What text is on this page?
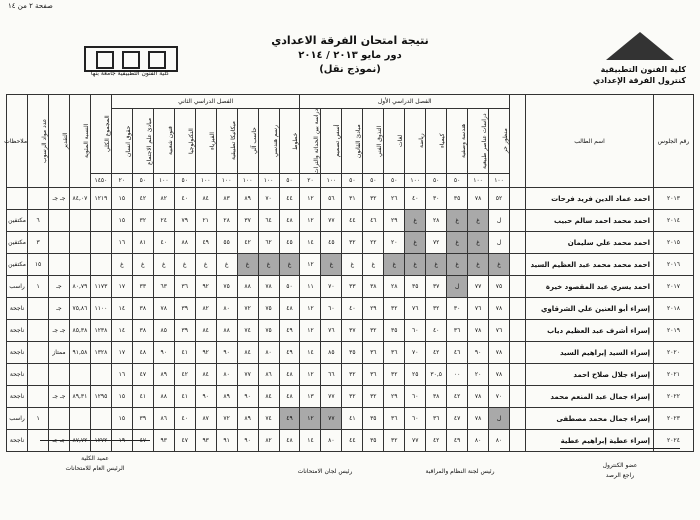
صفحة ٢ من ١٤
كلية الفنون التطبيقية جامعة بنها
نتيجة امتحان الفرقة الاعدادي
دور مايو ٢٠١٣ / ٢٠١٤
(نموذج نقل)	كلية الفنون التطبيقية
كنترول الفرقة الإعدادي
رقم الجلوس	اسم الطالب		الفصل الدراسي الأول										الفصل الدراسي الثاني									المجموع الكلي	النسبة المئوية	التقدير	عدد مواد الرسوب	ملاحظات

			منظور حر	دراسات عناصر طبيعية	هندسة وصفية	كيمياء	رياضة	لغات	التذوق الفني	مبادئ القانون	أسس تصميم	دراسة بين الحداثة والتراث	خطوط	رسم هندسي	حاسب آلي	ميكانيكا تطبيقية	الفيزياء	التكنولوجيا	فنون شعبية	مبادئ علم الاجتماع	حقوق انسان					

			١٠٠	١٠٠	٥٠	٥٠	١٠٠	٥٠	٥٠	٥٠	١٠٠	٢٠	٥٠	١٠٠	١٠٠	١٠٠	١٠٠	٥٠	١٠٠	٥٠	٢٠	١٤٥٠				
٢٠١٣	احمد عماد الدين فريد فرحات		٥٢	٧٨	٣٥	٣٠	٤٠	٢٦	٣٢	٣١	٥٦	١٢	٤٤	٧٠	٨٩	٨٣	٨٤	٤٠	٨٢	٤٢	١٥	١٢١٩	٨٤,٠٧	جـ جـ		
٢٠١٤	احمد محمد احمد سالم حبيب		ل	غ	غ	٢٨	غ	٢٩	٤٦	٤٤	٧٧	١٢	٤٨	٦٤	٣٧	٢٨	٢١	٧٩	٢٤	٣٢	١٥				٦	مكتفين
٢٠١٥	احمد محمد علي سليمان		ل	غ	غ	٧٢	غ	٢٠	٢٢	٣٢	٤٥	١٤	٤٥	٦٢	٤٢	٥٥	٤٩	٨٨	٤٠	٨١	١٦				٣	مكتفين
٢٠١٦	احمد محمد محمد عبد العظيم السيد		غ	غ	غ	غ	غ	غ	غ	غ	غ	١٢	غ	غ	غ	غ	غ	غ	غ	غ	غ				١٥	مكتفين
٢٠١٧	احمد يسري عبد المقصود خيرة		٧٥	٧٧	ل	٣٧	٣٥	٢٨	٣٨	٣٣	٧٠	١١	٥٠	٧٨	٨٨	٧٥	٩٢	٣٦	٦٣	٣٣	١٧	١١٧٣	٨٠,٧٩	جـ	١	راسب
٢٠١٨	إسراء أبو العنين علي الشرقاوي		٧٨	٧٦	٣٠	٣٢	٧٦	٣٢	٢٩	٤٠	٦٠	١٢	٤٨	٧٥	٧٢	٨٠	٨٢	٣٩	٧٨	٣٨	١٤	١١٠٠	٧٥,٨٦	جـ		ناجحة
٢٠١٩	إسراء أشرف عبد العظيم دياب		٧٦	٧٨	٣٦	٤٠	٦٠	٣٥	٣٢	٣٧	٧٦	١٢	٤٩	٧٥	٧٤	٨٨	٨٤	٣٩	٨٥	٣٨	١٤	١٢٣٨	٨٥,٣٨	جـ جـ		ناجحة
٢٠٢٠	إسراء السيد إبراهيم السيد		٧٨	٩٠	٤٦	٤٢	٧٠	٣٦	٣٦	٣٥	٨٥	١٤	٤٩	٨٠	٨٤	٩٠	٩٢	٤١	٩٠	٤٨	١٧	١٣٢٨	٩١,٥٨	ممتاز		ناجحة
٢٠٢١	إسراء جلال صلاح احمد		٧٨	٢٠	٠٠	٣٠,٥	٢٥	٣٢	٣٦	٣٢	٦٦	١٢	٤٨	٨٦	٧٧	٨٠	٨٤	٤٢	٨٩	٤٧	١٦					ناجحة
٢٠٢٢	إسراء جمال عبد المنعم محمد		٧٠	٧٨	٤٢	٣٨	٦٠	٢٩	٣٢	٣٢	٧٧	١٣	٤٨	٨٤	٩٠	٨٩	٩٠	٤١	٨٨	٤١	١٥	١٢٩٥	٨٩,٣١	جـ جـ		ناجحة
٢٠٢٣	إسراء جمال محمد مصطفى		ل	٧٨	٤٧	٣٦	٦٠	٣٦	٣٥	٤١	٧٧	١٢	٤٩	٧٤	٨٩	٧٢	٨٧	٤٠	٨٦	٣٩	١٥				١	راسب
٢٠٢٤	إسراء عطية إبراهيم عطية		٨٠	٨٠	٤٩	٤٢	٧٧	٣٢	٣٥	٤٤	٨٠	١٤	٤٨	٨٢	٩٠	٩١	٩٣	٤٧	٩٣	٤٧	١٩	١٢٧٢	٨٧,٧٢	جـ جـ		ناجحة
عميد الكلية
الرئيس العام للامتحانات	رئيس لجان الامتحانات	رئيس لجنة النظام والمراقبة
عضو الكنترول
راجع الرصد
